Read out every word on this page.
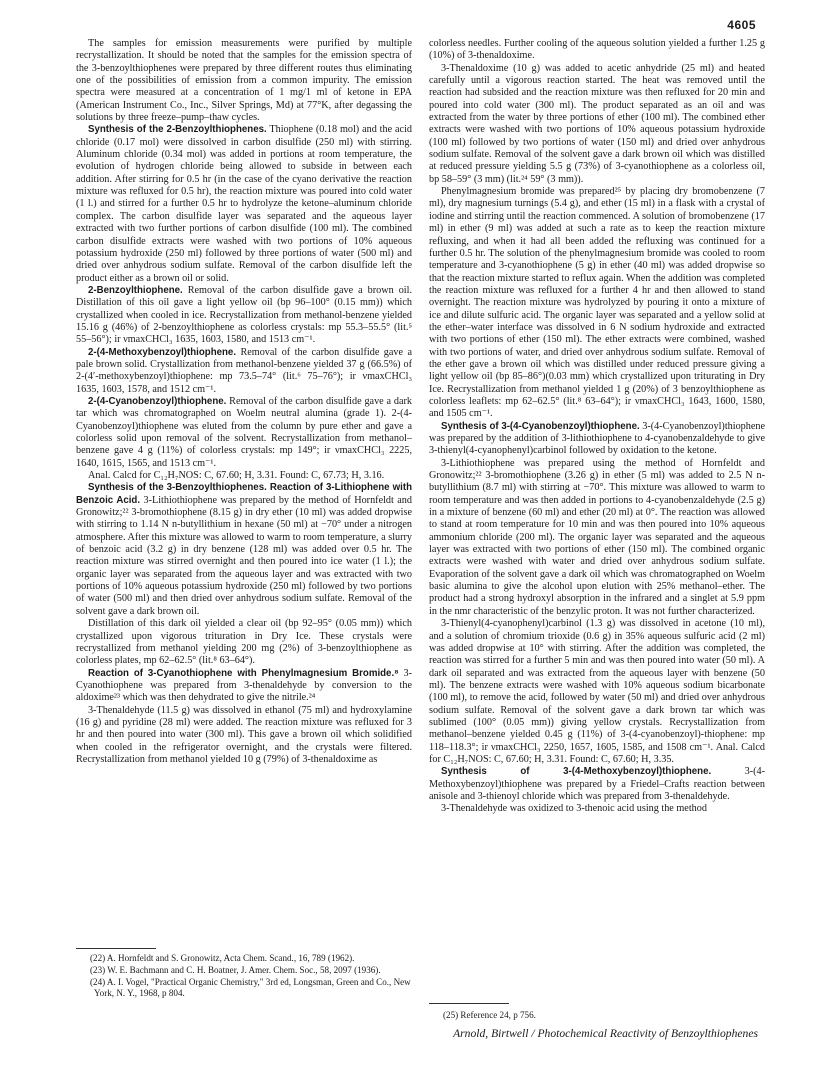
4605

The samples for emission measurements were purified by multiple recrystallization. It should be noted that the samples for the emission spectra of the 3-benzoylthiophenes were prepared by three different routes thus eliminating one of the possibilities of emission from a common impurity. The emission spectra were measured at a concentration of 1 mg/1 ml of ketone in EPA (American Instrument Co., Inc., Silver Springs, Md) at 77°K, after degassing the solutions by three freeze–pump–thaw cycles.

Synthesis of the 2-Benzoylthiophenes. Thiophene (0.18 mol) and the acid chloride (0.17 mol) were dissolved in carbon disulfide (250 ml) with stirring. Aluminum chloride (0.34 mol) was added in portions at room temperature, the evolution of hydrogen chloride being allowed to subside in between each addition. After stirring for 0.5 hr (in the case of the cyano derivative the reaction mixture was refluxed for 0.5 hr), the reaction mixture was poured into cold water (1 l.) and stirred for a further 0.5 hr to hydrolyze the ketone–aluminum chloride complex. The carbon disulfide layer was separated and the aqueous layer extracted with two further portions of carbon disulfide (100 ml). The combined carbon disulfide extracts were washed with two portions of 10% aqueous potassium hydroxide (250 ml) followed by three portions of water (500 ml) and dried over anhydrous sodium sulfate. Removal of the carbon disulfide left the product either as a brown oil or solid.

2-Benzoylthiophene. Removal of the carbon disulfide gave a brown oil. Distillation of this oil gave a light yellow oil (bp 96–100° (0.15 mm)) which crystallized when cooled in ice. Recrystallization from methanol-benzene yielded 15.16 g (46%) of 2-benzoylthiophene as colorless crystals: mp 55.3–55.5° (lit.⁵ 55–56°); ir νmaxCHCl₃ 1635, 1603, 1580, and 1513 cm⁻¹.

2-(4-Methoxybenzoyl)thiophene. Removal of the carbon disulfide gave a pale brown solid. Crystallization from methanol-benzene yielded 37 g (66.5%) of 2-(4′-methoxybenzoyl)thiophene: mp 73.5–74° (lit.⁶ 75–76°); ir νmaxCHCl₃ 1635, 1603, 1578, and 1512 cm⁻¹.

2-(4-Cyanobenzoyl)thiophene. Removal of the carbon disulfide gave a dark tar which was chromatographed on Woelm neutral alumina (grade 1). 2-(4-Cyanobenzoyl)thiophene was eluted from the column by pure ether and gave a colorless solid upon removal of the solvent. Recrystallization from methanol–benzene gave 4 g (11%) of colorless crystals: mp 149°; ir νmaxCHCl₃ 2225, 1640, 1615, 1565, and 1513 cm⁻¹.

Anal. Calcd for C₁₂H₇NOS: C, 67.60; H, 3.31. Found: C, 67.73; H, 3.16.

Synthesis of the 3-Benzoylthiophenes. Reaction of 3-Lithiophene with Benzoic Acid. 3-Lithiothiophene was prepared by the method of Hornfeldt and Gronowitz;²² 3-bromothiophene (8.15 g) in dry ether (10 ml) was added dropwise with stirring to 1.14 N n-butyllithium in hexane (50 ml) at −70° under a nitrogen atmosphere. After this mixture was allowed to warm to room temperature, a slurry of benzoic acid (3.2 g) in dry benzene (128 ml) was added over 0.5 hr. The reaction mixture was stirred overnight and then poured into ice water (1 l.); the organic layer was separated from the aqueous layer and was extracted with two portions of 10% aqueous potassium hydroxide (250 ml) followed by two portions of water (500 ml) and then dried over anhydrous sodium sulfate. Removal of the solvent gave a dark brown oil.

Distillation of this dark oil yielded a clear oil (bp 92–95° (0.05 mm)) which crystallized upon vigorous trituration in Dry Ice. These crystals were recrystallized from methanol yielding 200 mg (2%) of 3-benzoylthiophene as colorless plates, mp 62–62.5° (lit.⁸ 63–64°).

Reaction of 3-Cyanothiophene with Phenylmagnesium Bromide.⁸ 3-Cyanothiophene was prepared from 3-thenaldehyde by conversion to the aldoxime²³ which was then dehydrated to give the nitrile.²⁴

3-Thenaldehyde (11.5 g) was dissolved in ethanol (75 ml) and hydroxylamine (16 g) and pyridine (28 ml) were added. The reaction mixture was refluxed for 3 hr and then poured into water (300 ml). This gave a brown oil which solidified when cooled in the refrigerator overnight, and the crystals were filtered. Recrystallization from methanol yielded 10 g (79%) of 3-thenaldoxime as

colorless needles. Further cooling of the aqueous solution yielded a further 1.25 g (10%) of 3-thenaldoxime.

3-Thenaldoxime (10 g) was added to acetic anhydride (25 ml) and heated carefully until a vigorous reaction started. The heat was removed until the reaction had subsided and the reaction mixture was then refluxed for 20 min and poured into cold water (300 ml). The product separated as an oil and was extracted from the water by three portions of ether (100 ml). The combined ether extracts were washed with two portions of 10% aqueous potassium hydroxide (100 ml) followed by two portions of water (150 ml) and dried over anhydrous sodium sulfate. Removal of the solvent gave a dark brown oil which was distilled at reduced pressure yielding 5.5 g (73%) of 3-cyanothiophene as a colorless oil, bp 58–59° (3 mm) (lit.²⁴ 59° (3 mm)).

Phenylmagnesium bromide was prepared²⁵ by placing dry bromobenzene (7 ml), dry magnesium turnings (5.4 g), and ether (15 ml) in a flask with a crystal of iodine and stirring until the reaction commenced. A solution of bromobenzene (17 ml) in ether (9 ml) was added at such a rate as to keep the reaction mixture refluxing, and when it had all been added the refluxing was continued for a further 0.5 hr. The solution of the phenylmagnesium bromide was cooled to room temperature and 3-cyanothiophene (5 g) in ether (40 ml) was added dropwise so that the reaction mixture started to reflux again. When the addition was completed the reaction mixture was refluxed for a further 4 hr and then allowed to stand overnight. The reaction mixture was hydrolyzed by pouring it onto a mixture of ice and dilute sulfuric acid. The organic layer was separated and a yellow solid at the ether–water interface was dissolved in 6 N sodium hydroxide and extracted with two portions of ether (150 ml). The ether extracts were combined, washed with two portions of water, and dried over anhydrous sodium sulfate. Removal of the ether gave a brown oil which was distilled under reduced pressure giving a light yellow oil (bp 85–86°)(0.03 mm) which crystallized upon triturating in Dry Ice. Recrystallization from methanol yielded 1 g (20%) of 3 benzoylthiophene as colorless leaflets: mp 62–62.5° (lit.⁸ 63–64°); ir νmaxCHCl₃ 1643, 1600, 1580, and 1505 cm⁻¹.

Synthesis of 3-(4-Cyanobenzoyl)thiophene. 3-(4-Cyanobenzoyl)thiophene was prepared by the addition of 3-lithiothiophene to 4-cyanobenzaldehyde to give 3-thienyl(4-cyanophenyl)carbinol followed by oxidation to the ketone.

3-Lithiothiophene was prepared using the method of Hornfeldt and Gronowitz;²² 3-bromothiophene (3.26 g) in ether (5 ml) was added to 2.5 N n-butyllithium (8.7 ml) with stirring at −70°. This mixture was allowed to warm to room temperature and was then added in portions to 4-cyanobenzaldehyde (2.5 g) in a mixture of benzene (60 ml) and ether (20 ml) at 0°. The reaction was allowed to stand at room temperature for 10 min and was then poured into 10% aqueous ammonium chloride (200 ml). The organic layer was separated and the aqueous layer was extracted with two portions of ether (150 ml). The combined organic extracts were washed with water and dried over anhydrous sodium sulfate. Evaporation of the solvent gave a dark oil which was chromatographed on Woelm basic alumina to give the alcohol upon elution with 25% methanol–ether. The product had a strong hydroxyl absorption in the infrared and a singlet at 5.9 ppm in the nmr characteristic of the benzylic proton. It was not further characterized.

3-Thienyl(4-cyanophenyl)carbinol (1.3 g) was dissolved in acetone (10 ml), and a solution of chromium trioxide (0.6 g) in 35% aqueous sulfuric acid (2 ml) was added dropwise at 10° with stirring. After the addition was completed, the reaction was stirred for a further 5 min and was then poured into water (50 ml). A dark oil separated and was extracted from the aqueous layer with benzene (50 ml). The benzene extracts were washed with 10% aqueous sodium bicarbonate (100 ml), to remove the acid, followed by water (50 ml) and dried over anhydrous sodium sulfate. Removal of the solvent gave a dark brown tar which was sublimed (100° (0.05 mm)) giving yellow crystals. Recrystallization from methanol–benzene yielded 0.45 g (11%) of 3-(4-cyanobenzoyl)-thiophene: mp 118–118.3°; ir νmaxCHCl₃ 2250, 1657, 1605, 1585, and 1508 cm⁻¹. Anal. Calcd for C₁₂H₇NOS: C, 67.60; H, 3.31. Found: C, 67.60; H, 3.35.

Synthesis of 3-(4-Methoxybenzoyl)thiophene. 3-(4-Methoxybenzoyl)thiophene was prepared by a Friedel–Crafts reaction between anisole and 3-thienoyl chloride which was prepared from 3-thenaldehyde.

3-Thenaldehyde was oxidized to 3-thenoic acid using the method

(22) A. Hornfeldt and S. Gronowitz, Acta Chem. Scand., 16, 789 (1962).

(23) W. E. Bachmann and C. H. Boatner, J. Amer. Chem. Soc., 58, 2097 (1936).

(24) A. I. Vogel, "Practical Organic Chemistry," 3rd ed, Longsman, Green and Co., New York, N. Y., 1968, p 804.

(25) Reference 24, p 756.

Arnold, Birtwell / Photochemical Reactivity of Benzoylthiophenes
